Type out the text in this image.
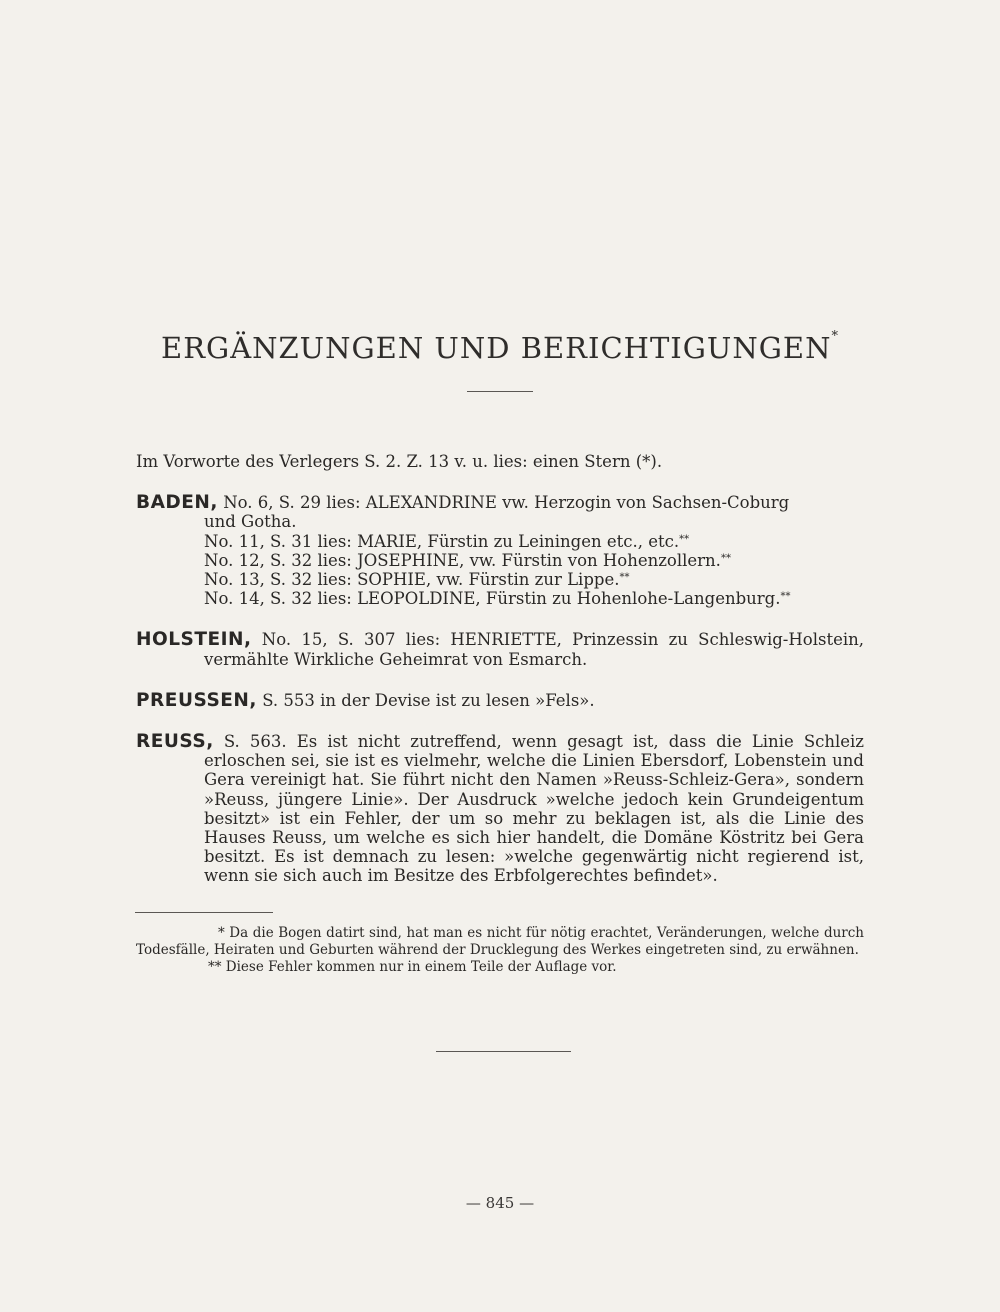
ERGÄNZUNGEN UND BERICHTIGUNGEN*

Im Vorworte des Verlegers S. 2. Z. 13 v. u. lies: einen Stern (*).

BADEN, No. 6, S. 29 lies: ALEXANDRINE vw. Herzogin von Sachsen-Coburg
und Gotha.
No. 11, S. 31 lies: MARIE, Fürstin zu Leiningen etc., etc.**
No. 12, S. 32 lies: JOSEPHINE, vw. Fürstin von Hohenzollern.**
No. 13, S. 32 lies: SOPHIE, vw. Fürstin zur Lippe.**
No. 14, S. 32 lies: LEOPOLDINE, Fürstin zu Hohenlohe-Langenburg.**

HOLSTEIN, No. 15, S. 307 lies: HENRIETTE, Prinzessin zu Schleswig-Holstein, vermählte Wirkliche Geheimrat von Esmarch.

PREUSSEN, S. 553 in der Devise ist zu lesen »Fels».

REUSS, S. 563. Es ist nicht zutreffend, wenn gesagt ist, dass die Linie Schleiz erloschen sei, sie ist es vielmehr, welche die Linien Ebersdorf, Lobenstein und Gera vereinigt hat. Sie führt nicht den Namen »Reuss-Schleiz-Gera», sondern »Reuss, jüngere Linie». Der Ausdruck »welche jedoch kein Grundeigentum besitzt» ist ein Fehler, der um so mehr zu beklagen ist, als die Linie des Hauses Reuss, um welche es sich hier handelt, die Domäne Köstritz bei Gera besitzt. Es ist demnach zu lesen: »welche gegenwärtig nicht regierend ist, wenn sie sich auch im Besitze des Erbfolgerechtes befindet».

* Da die Bogen datirt sind, hat man es nicht für nötig erachtet, Veränderungen, welche durch Todesfälle, Heiraten und Geburten während der Drucklegung des Werkes eingetreten sind, zu erwähnen.

** Diese Fehler kommen nur in einem Teile der Auflage vor.

— 845 —
